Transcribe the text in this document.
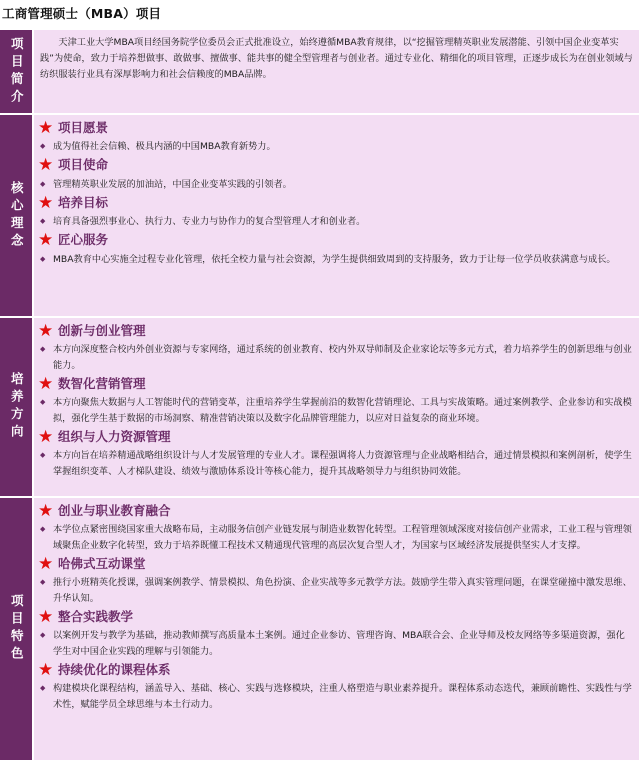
工商管理硕士（MBA）项目
项目简介	天津工业大学MBA项目经国务院学位委员会正式批准设立，始终遵循MBA教育规律，以“挖掘管理精英职业发展潜能、引领中国企业变革实践”为使命，致力于培养想做事、敢做事、擅做事、能共事的健全型管理者与创业者。通过专业化、精细化的项目管理，正逐步成长为在创业领域与纺织服装行业具有深厚影响力和社会信赖度的MBA品牌。
核心理念
★ 项目愿景
◆ 成为值得社会信赖、极具内涵的中国MBA教育新势力。
★ 项目使命
◆ 管理精英职业发展的加油站，中国企业变革实践的引领者。
★ 培养目标
◆ 培育具备强烈事业心、执行力、专业力与协作力的复合型管理人才和创业者。
★ 匠心服务
◆ MBA教育中心实施全过程专业化管理，依托全校力量与社会资源，为学生提供细致周到的支持服务，致力于让每一位学员收获满意与成长。
培养方向
★ 创新与创业管理
◆ 本方向深度整合校内外创业资源与专家网络，通过系统的创业教育、校内外双导师制及企业家论坛等多元方式，着力培养学生的创新思维与创业能力。
★ 数智化营销管理
◆ 本方向聚焦大数据与人工智能时代的营销变革，注重培养学生掌握前沿的数智化营销理论、工具与实战策略。通过案例教学、企业参访和实战模拟，强化学生基于数据的市场洞察、精准营销决策以及数字化品牌管理能力，以应对日益复杂的商业环境。
★ 组织与人力资源管理
◆ 本方向旨在培养精通战略组织设计与人才发展管理的专业人才。课程强调将人力资源管理与企业战略相结合，通过情景模拟和案例剖析，使学生掌握组织变革、人才梯队建设、绩效与激励体系设计等核心能力，提升其战略领导力与组织协同效能。
项目特色
★ 创业与职业教育融合
◆ 本学位点紧密围绕国家重大战略布局，主动服务信创产业链发展与制造业数智化转型。工程管理领域深度对接信创产业需求，工业工程与管理领域聚焦企业数字化转型，致力于培养既懂工程技术又精通现代管理的高层次复合型人才，为国家与区域经济发展提供坚实人才支撑。
★ 哈佛式互动课堂
◆ 推行小班精英化授课，强调案例教学、情景模拟、角色扮演、企业实战等多元教学方法。鼓励学生带入真实管理问题，在课堂碰撞中激发思维、升华认知。
★ 整合实践教学
◆ 以案例开发与教学为基础，推动教师撰写高质量本土案例。通过企业参访、管理咨询、MBA联合会、企业导师及校友网络等多渠道资源，强化学生对中国企业实践的理解与引领能力。
★ 持续优化的课程体系
◆ 构建模块化课程结构，涵盖导入、基础、核心、实践与选修模块，注重人格塑造与职业素养提升。课程体系动态迭代，兼顾前瞻性、实践性与学术性，赋能学员全球思维与本土行动力。
